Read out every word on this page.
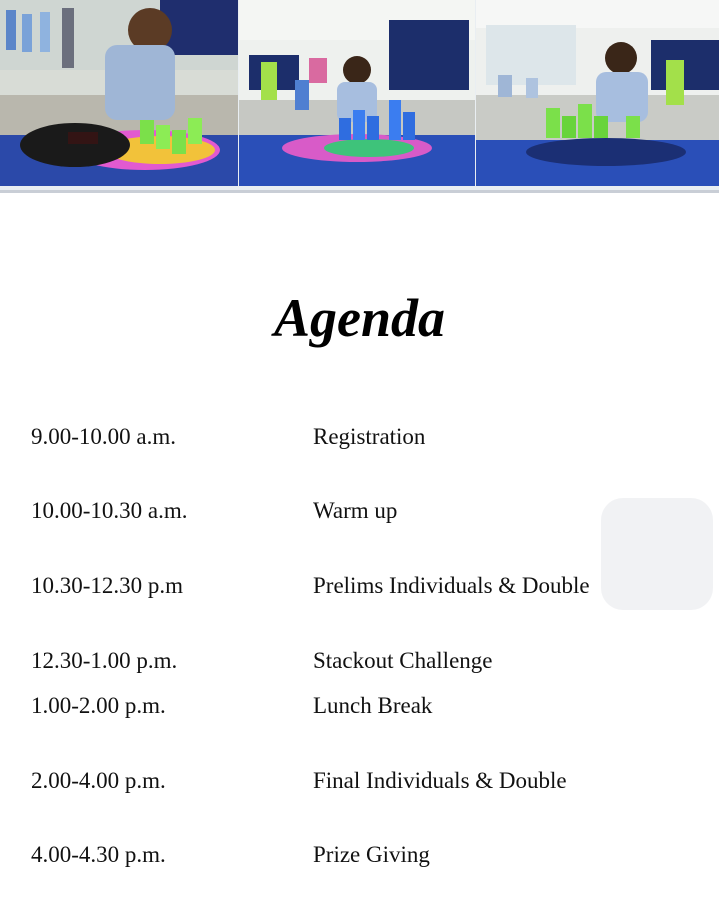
Agenda
9.00-10.00 a.m.	Registration
10.00-10.30 a.m.	Warm up
10.30-12.30 p.m	Prelims Individuals & Double
12.30-1.00 p.m.	Stackout Challenge
1.00-2.00 p.m.	Lunch Break
2.00-4.00 p.m.	Final Individuals & Double
4.00-4.30 p.m.	Prize Giving
